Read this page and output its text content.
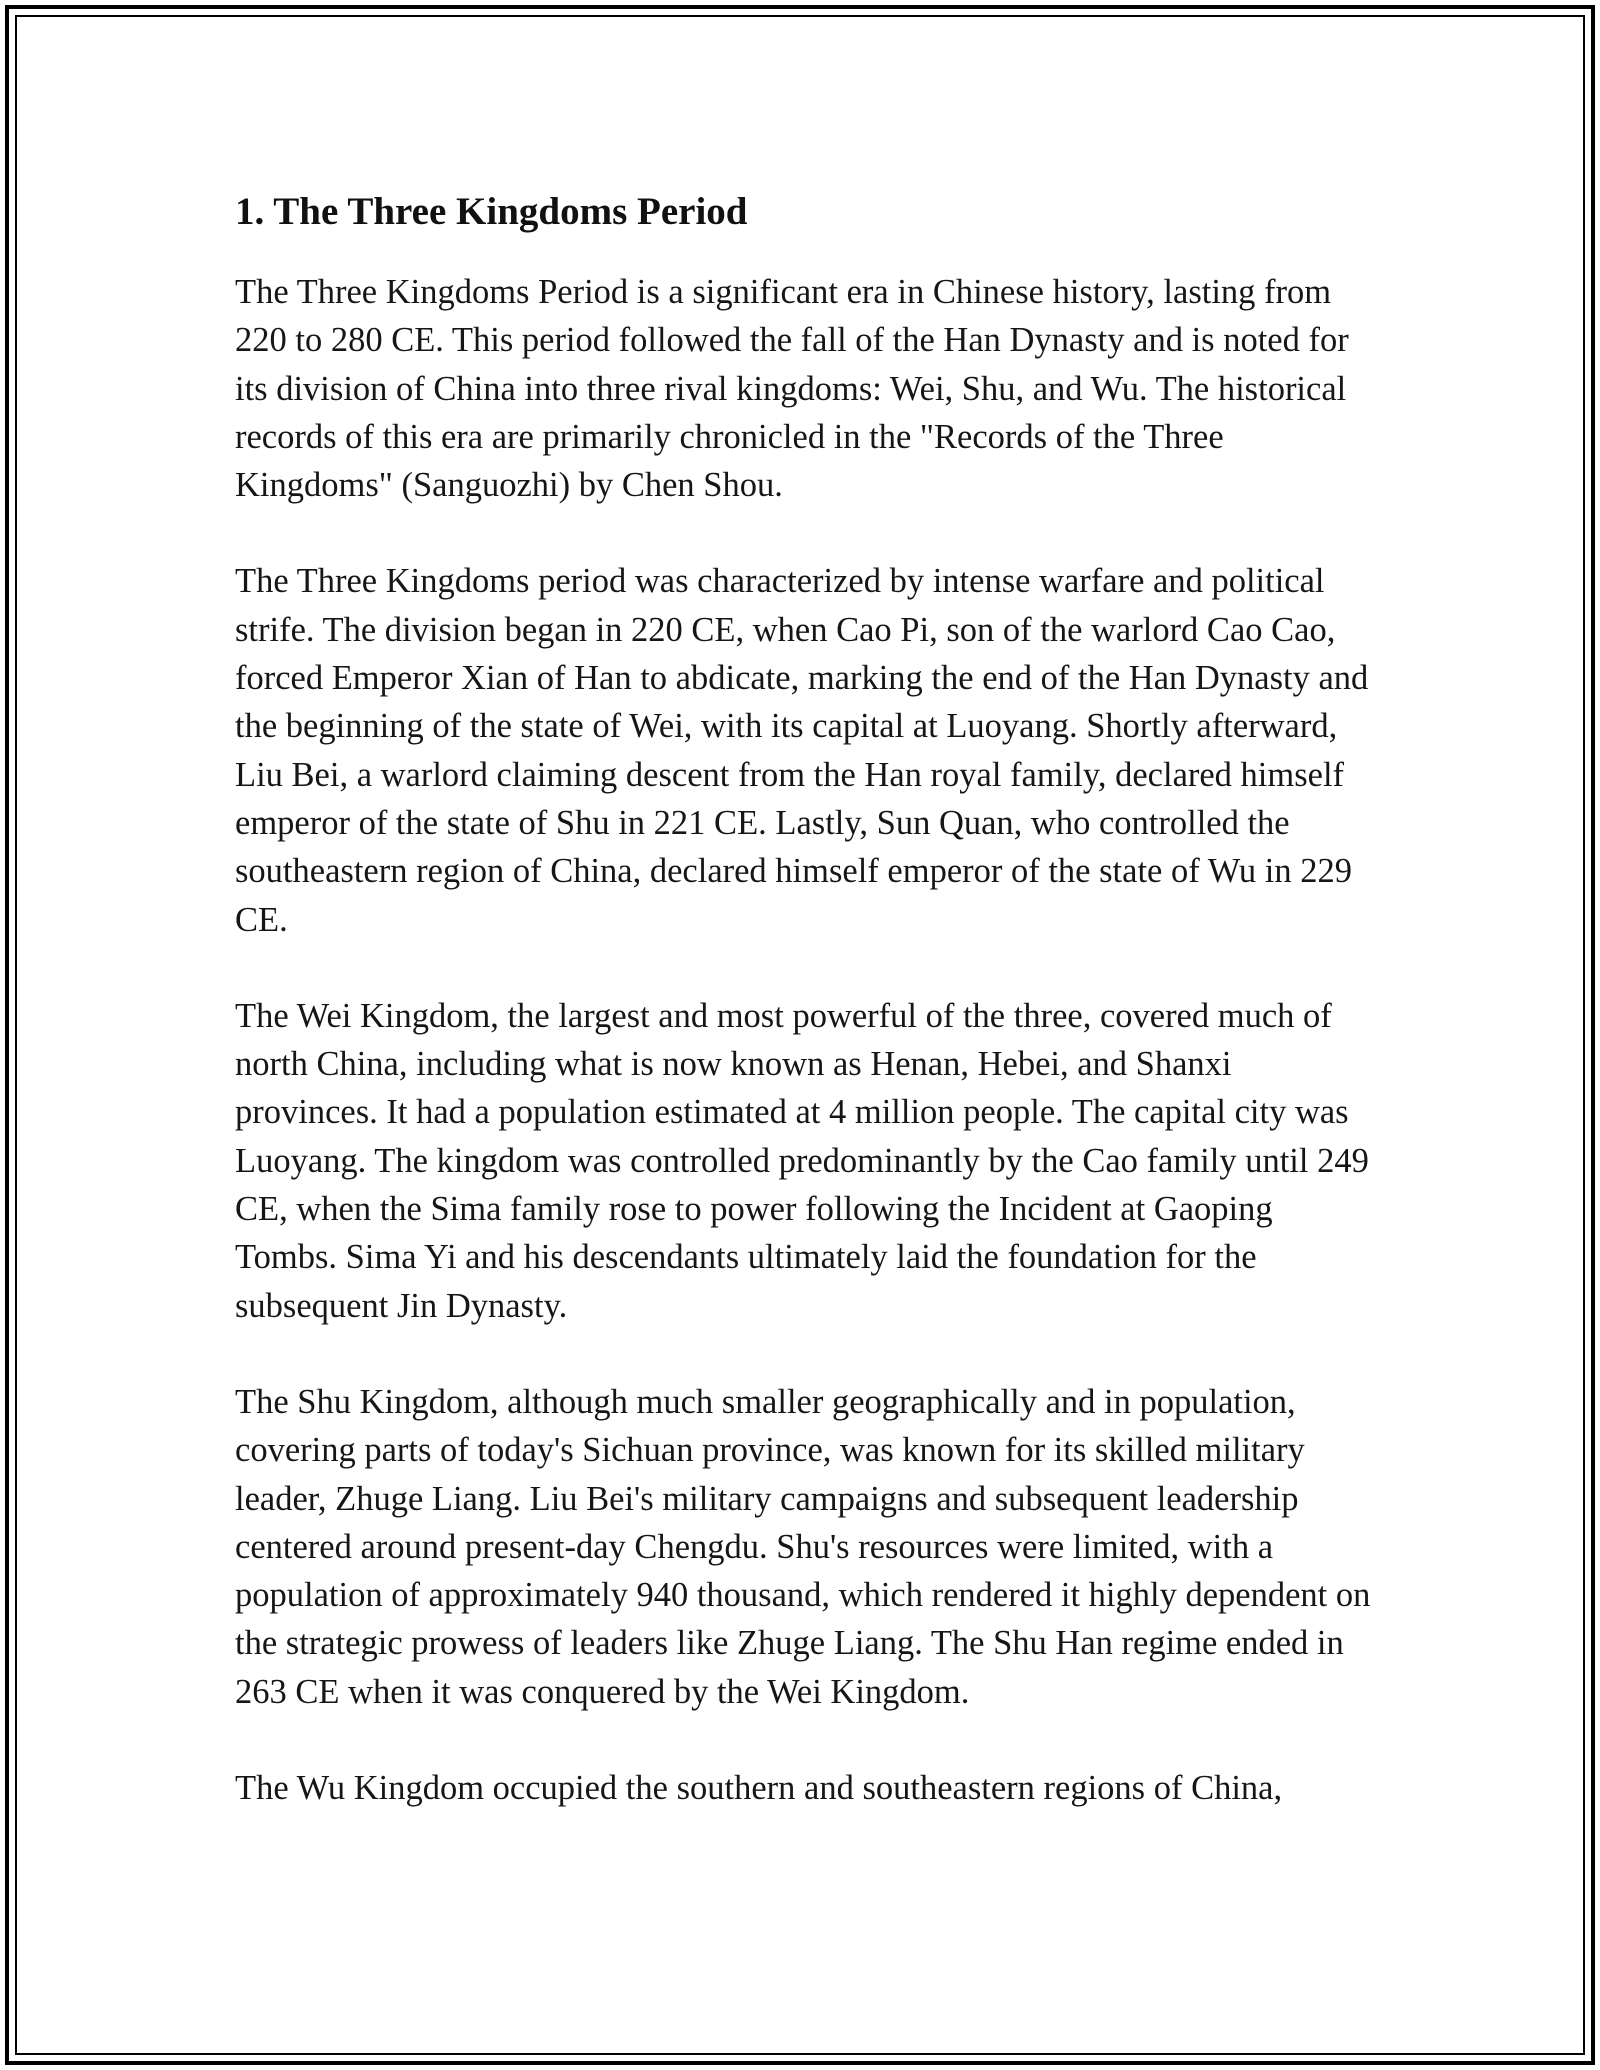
1. The Three Kingdoms Period

The Three Kingdoms Period is a significant era in Chinese history, lasting from 220 to 280 CE. This period followed the fall of the Han Dynasty and is noted for its division of China into three rival kingdoms: Wei, Shu, and Wu. The historical records of this era are primarily chronicled in the "Records of the Three Kingdoms" (Sanguozhi) by Chen Shou.

The Three Kingdoms period was characterized by intense warfare and political strife. The division began in 220 CE, when Cao Pi, son of the warlord Cao Cao, forced Emperor Xian of Han to abdicate, marking the end of the Han Dynasty and the beginning of the state of Wei, with its capital at Luoyang. Shortly afterward, Liu Bei, a warlord claiming descent from the Han royal family, declared himself emperor of the state of Shu in 221 CE. Lastly, Sun Quan, who controlled the southeastern region of China, declared himself emperor of the state of Wu in 229 CE.

The Wei Kingdom, the largest and most powerful of the three, covered much of north China, including what is now known as Henan, Hebei, and Shanxi provinces. It had a population estimated at 4 million people. The capital city was Luoyang. The kingdom was controlled predominantly by the Cao family until 249 CE, when the Sima family rose to power following the Incident at Gaoping Tombs. Sima Yi and his descendants ultimately laid the foundation for the subsequent Jin Dynasty.

The Shu Kingdom, although much smaller geographically and in population, covering parts of today's Sichuan province, was known for its skilled military leader, Zhuge Liang. Liu Bei's military campaigns and subsequent leadership centered around present-day Chengdu. Shu's resources were limited, with a population of approximately 940 thousand, which rendered it highly dependent on the strategic prowess of leaders like Zhuge Liang. The Shu Han regime ended in 263 CE when it was conquered by the Wei Kingdom.

The Wu Kingdom occupied the southern and southeastern regions of China,
